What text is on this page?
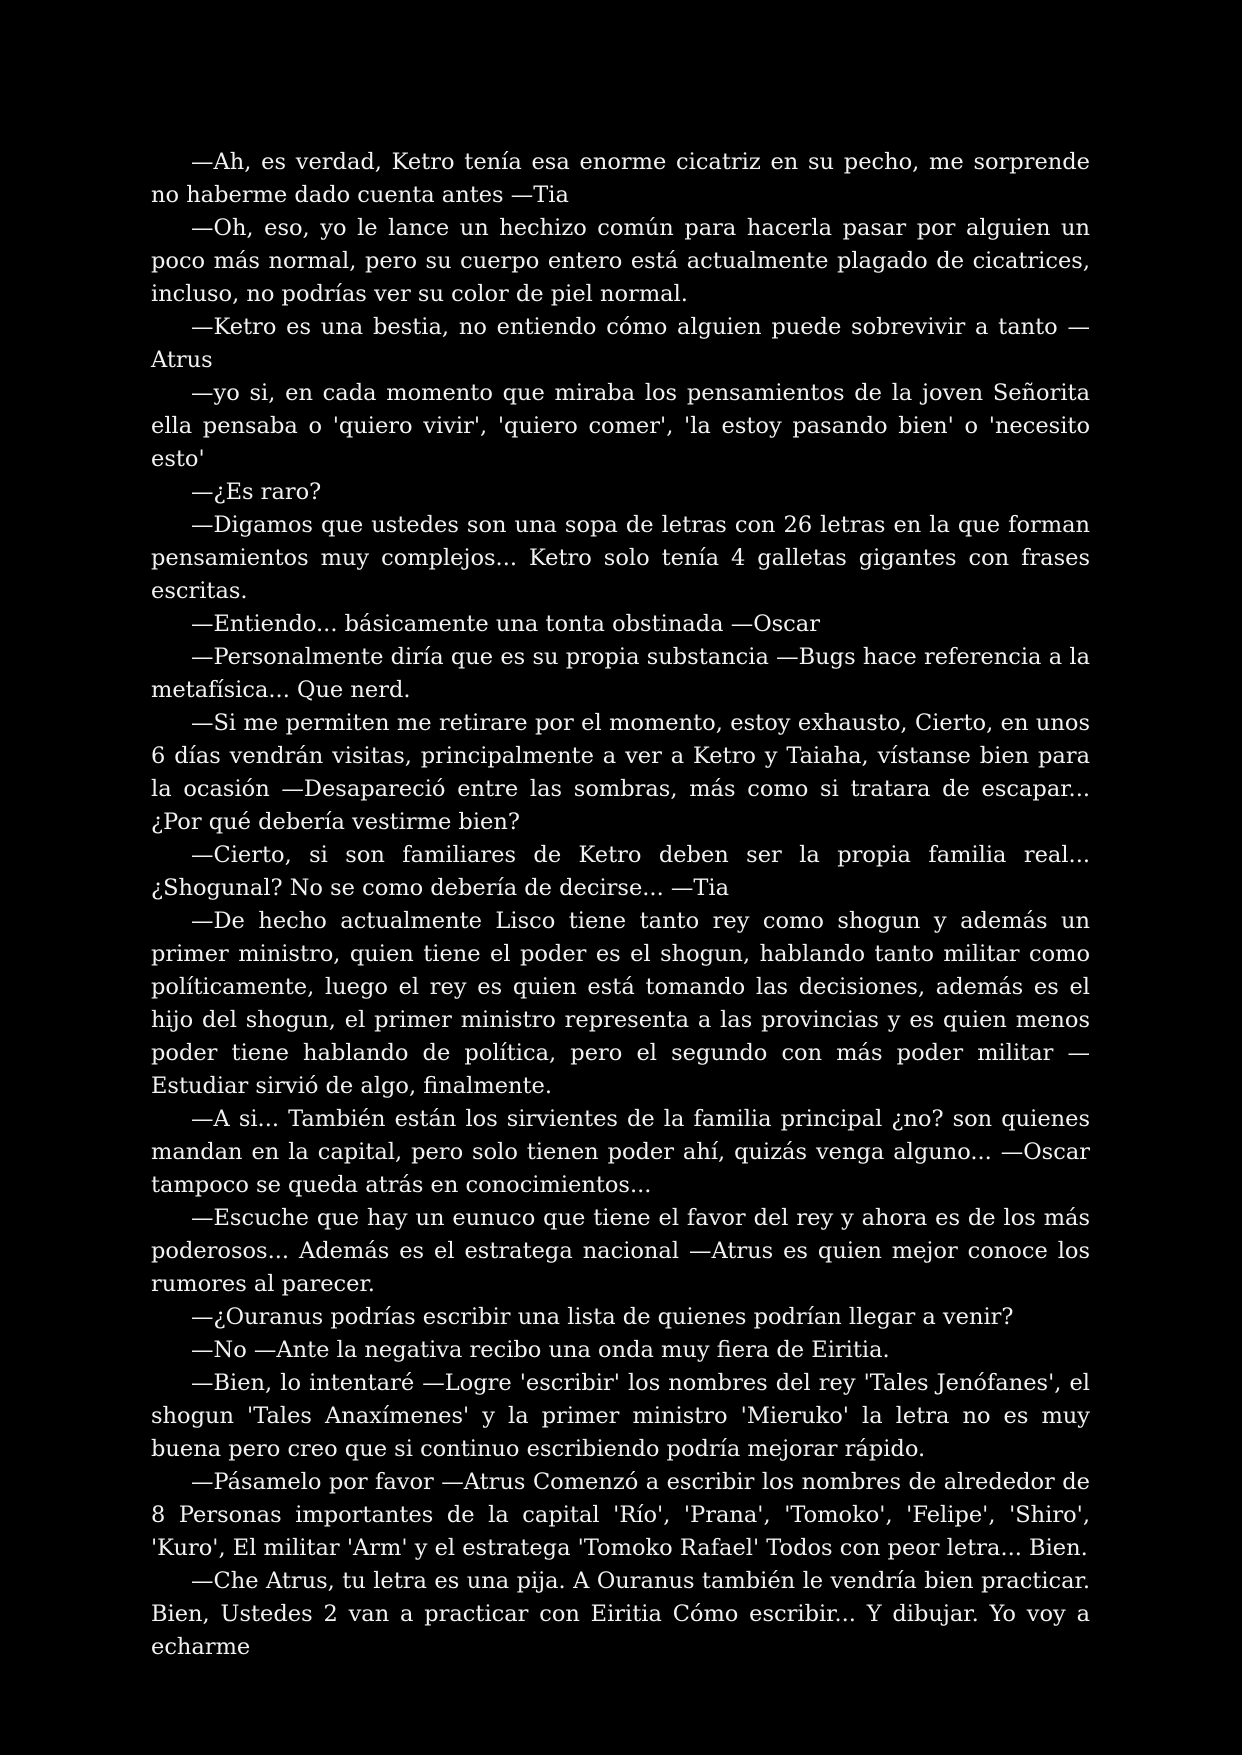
—Ah, es verdad, Ketro tenía esa enorme cicatriz en su pecho, me sorprende no haberme dado cuenta antes —Tia

—Oh, eso, yo le lance un hechizo común para hacerla pasar por alguien un poco más normal, pero su cuerpo entero está actualmente plagado de cicatrices, incluso, no podrías ver su color de piel normal.

—Ketro es una bestia, no entiendo cómo alguien puede sobrevivir a tanto —Atrus

—yo si, en cada momento que miraba los pensamientos de la joven Señorita ella pensaba o 'quiero vivir', 'quiero comer', 'la estoy pasando bien' o 'necesito esto'

—¿Es raro?

—Digamos que ustedes son una sopa de letras con 26 letras en la que forman pensamientos muy complejos... Ketro solo tenía 4 galletas gigantes con frases escritas.

—Entiendo... básicamente una tonta obstinada —Oscar

—Personalmente diría que es su propia substancia —Bugs hace referencia a la metafísica... Que nerd.

—Si me permiten me retirare por el momento, estoy exhausto, Cierto, en unos 6 días vendrán visitas, principalmente a ver a Ketro y Taiaha, vístanse bien para la ocasión —Desapareció entre las sombras, más como si tratara de escapar... ¿Por qué debería vestirme bien?

—Cierto, si son familiares de Ketro deben ser la propia familia real... ¿Shogunal? No se como debería de decirse... —Tia

—De hecho actualmente Lisco tiene tanto rey como shogun y además un primer ministro, quien tiene el poder es el shogun, hablando tanto militar como políticamente, luego el rey es quien está tomando las decisiones, además es el hijo del shogun, el primer ministro representa a las provincias y es quien menos poder tiene hablando de política, pero el segundo con más poder militar —Estudiar sirvió de algo, finalmente.

—A si... También están los sirvientes de la familia principal ¿no? son quienes mandan en la capital, pero solo tienen poder ahí, quizás venga alguno... —Oscar tampoco se queda atrás en conocimientos...

—Escuche que hay un eunuco que tiene el favor del rey y ahora es de los más poderosos... Además es el estratega nacional —Atrus es quien mejor conoce los rumores al parecer.

—¿Ouranus podrías escribir una lista de quienes podrían llegar a venir?

—No —Ante la negativa recibo una onda muy fiera de Eiritia.

—Bien, lo intentaré —Logre 'escribir' los nombres del rey 'Tales Jenófanes', el shogun 'Tales Anaxímenes' y la primer ministro 'Mieruko' la letra no es muy buena pero creo que si continuo escribiendo podría mejorar rápido.

—Pásamelo por favor —Atrus Comenzó a escribir los nombres de alrededor de 8 Personas importantes de la capital 'Río', 'Prana', 'Tomoko', 'Felipe', 'Shiro', 'Kuro', El militar 'Arm' y el estratega 'Tomoko Rafael' Todos con peor letra... Bien.

—Che Atrus, tu letra es una pija. A Ouranus también le vendría bien practicar. Bien, Ustedes 2 van a practicar con Eiritia Cómo escribir... Y dibujar. Yo voy a echarme
